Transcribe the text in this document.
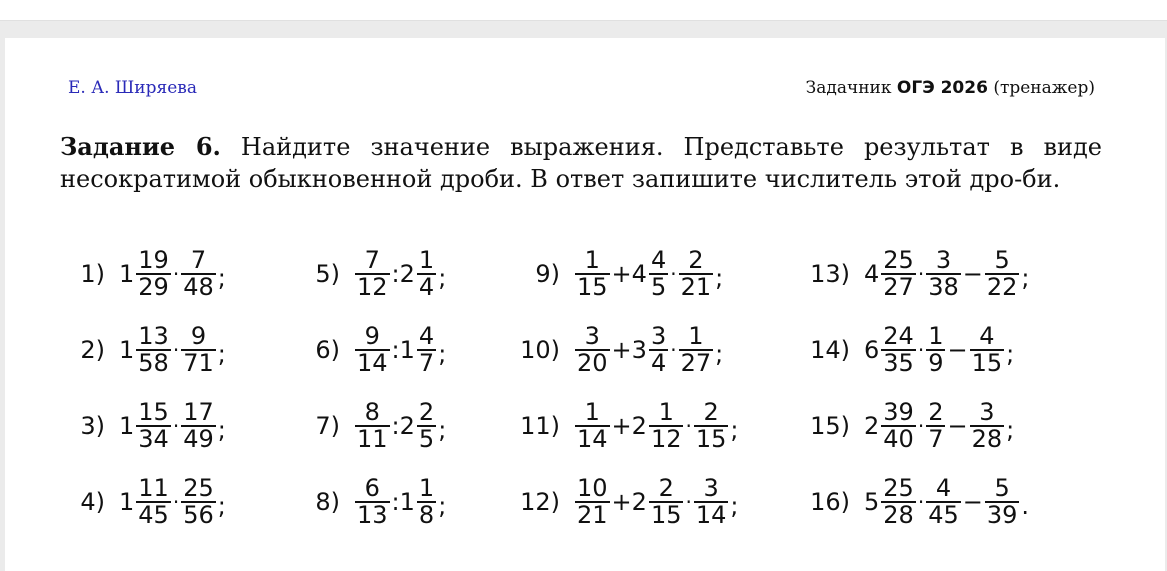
Е. А. Ширяева	Задачник ОГЭ 2026 (тренажер)
Задание 6. Найдите значение выражения. Представьте результат в виде несократимой обыкновенной дроби. В ответ запишите числитель этой дро-би.
1) $1 \frac{19}{29} \cdot \frac{7}{48}$ ;
2) $1 \frac{13}{58} \cdot \frac{9}{71}$ ;
3) $1 \frac{15}{34} \cdot \frac{17}{49}$ ;
4) $1 \frac{11}{45} \cdot \frac{25}{56}$ ;
$5) \frac{7}{12}$ :2 $\frac{1}{4}$ ;
$6) \frac{9}{14}$ :1 $\frac{4}{7}$ ;
$7) \frac{8}{11}$ :2 $\frac{2}{5}$ ;
$8) \frac{6}{13}$ :1 $\frac{1}{8}$ ;
$9) \frac{1}{15} +4 \frac{4}{5} \cdot \frac{2}{21}$ ;
$10) \frac{3}{20} +3 \frac{3}{4} \cdot \frac{1}{27}$ ;
$11) \frac{1}{14} +2 \frac{1}{12} \cdot \frac{2}{15}$ ;
$12) \frac{10}{21} +2 \frac{2}{15} \cdot \frac{3}{14}$ ;
13) $4 \frac{25}{27} \cdot \frac{3}{38} - \frac{5}{22}$ ;
14) $6 \frac{24}{35} \cdot \frac{1}{9} - \frac{4}{15}$ ;
15) $2 \frac{39}{40} \cdot \frac{2}{7} - \frac{3}{28}$ ;
16) $5 \frac{25}{28} \cdot \frac{4}{45} - \frac{5}{39}$ .
